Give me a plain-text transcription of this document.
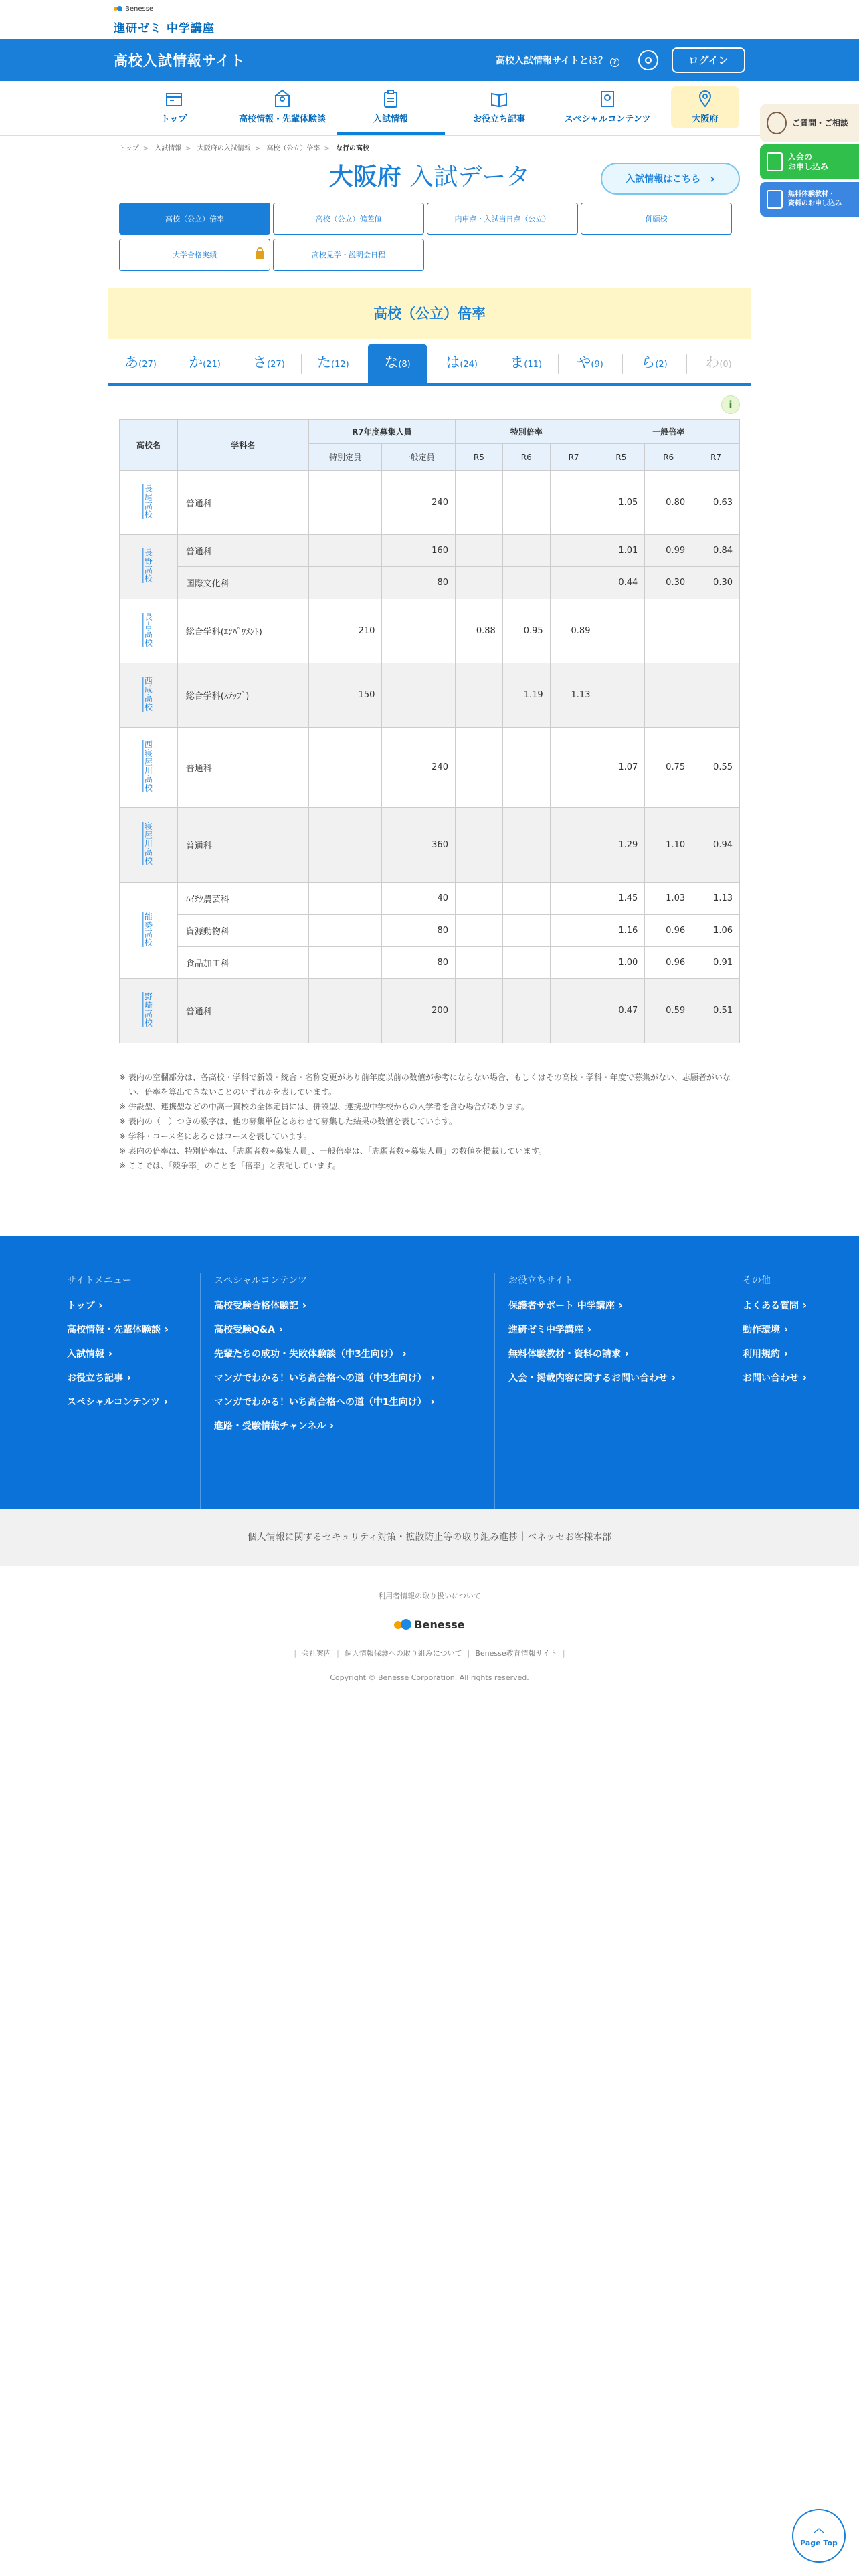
Benesse
進研ゼミ 中学講座
高校入試情報サイト	高校入試情報サイトとは？ ?	ログイン
トップ	高校情報・先輩体験談	入試情報	お役立ち記事	スペシャルコンテンツ	大阪府	ご質問・ご相談
入会の
お申し込み
無料体験教材・
資料のお申し込み
トップ > 入試情報 > 大阪府の入試情報 > 高校（公立）倍率 > な行の高校
大阪府 入試データ	入試情報はこちら ›
高校（公立）倍率	高校（公立）偏差値	内申点・入試当日点（公立）	併願校
大学合格実績	高校見学・説明会日程
高校（公立）倍率
あ(27)	か(21)	さ(27)	た(12)	な(8)	は(24)	ま(11)	や(9)	ら(2)	わ(0)
i
高校名	学科名	R7年度募集人員		特別倍率			一般倍率		
		特別定員	一般定員	R5	R6	R7	R5	R6	R7
長尾高校	普通科		240				1.05	0.80	0.63
長野高校	普通科		160				1.01	0.99	0.84
	国際文化科		80				0.44	0.30	0.30
長吉高校	総合学科(ｴﾝﾊﾟﾜﾒﾝﾄ)	210		0.88	0.95	0.89			
西成高校	総合学科(ｽﾃｯﾌﾟ)	150			1.19	1.13			
西寝屋川高校	普通科		240				1.07	0.75	0.55
寝屋川高校	普通科		360				1.29	1.10	0.94
能勢高校	ﾊｲﾃｸ農芸科		40				1.45	1.03	1.13
	資源動物科		80				1.16	0.96	1.06
	食品加工科		80				1.00	0.96	0.91
野崎高校	普通科		200				0.47	0.59	0.51
※ 表内の空欄部分は、各高校・学科で新設・統合・名称変更があり前年度以前の数値が参考にならない場合、もしくはその高校・学科・年度で募集がない、志願者がいない、倍率を算出できないことのいずれかを表しています。
※ 併設型、連携型などの中高一貫校の全体定員には、併設型、連携型中学校からの入学者を含む場合があります。
※ 表内の（　）つきの数字は、他の募集単位とあわせて募集した結果の数値を表しています。
※ 学科・コース名にあるｃはコースを表しています。
※ 表内の倍率は、特別倍率は、「志願者数÷募集人員」、一般倍率は、「志願者数÷募集人員」の数値を掲載しています。
※ ここでは、「競争率」のことを「倍率」と表記しています。
サイトメニュー
トップ ›
高校情報・先輩体験談 ›
入試情報 ›
お役立ち記事 ›
スペシャルコンテンツ ›
スペシャルコンテンツ
高校受験合格体験記 ›
高校受験Q&A ›
先輩たちの成功・失敗体験談（中3生向け） ›
マンガでわかる！いち高合格への道（中3生向け） ›
マンガでわかる！いち高合格への道（中1生向け） ›
進路・受験情報チャンネル ›
お役立ちサイト
保護者サポート 中学講座 ›
進研ゼミ中学講座 ›
無料体験教材・資料の請求 ›
入会・掲載内容に関するお問い合わせ ›
その他
よくある質問 ›
動作環境 ›
利用規約 ›
お問い合わせ ›
個人情報に関するセキュリティ対策・拡散防止等の取り組み進捗｜ベネッセお客様本部
利用者情報の取り扱いについて
Benesse
| 会社案内 | 個人情報保護への取り組みについて | Benesse教育情報サイト |
Copyright © Benesse Corporation. All rights reserved.
︿
Page Top
